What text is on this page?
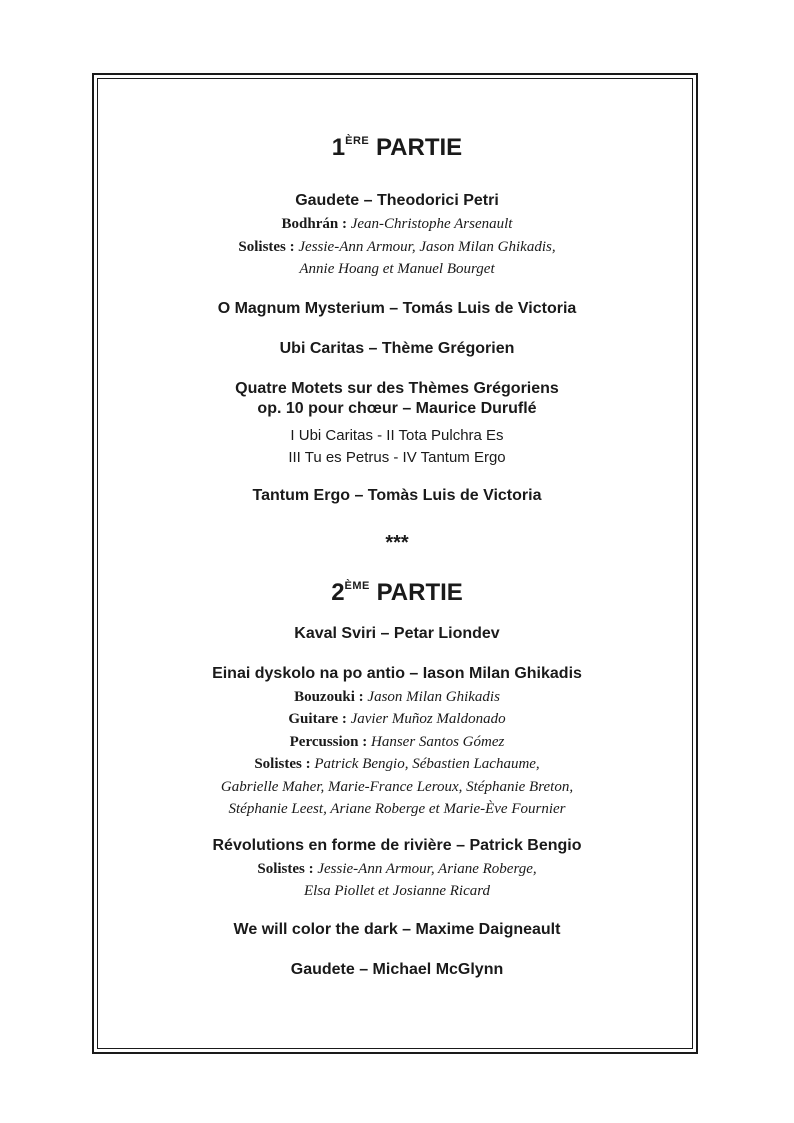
1ÈRE PARTIE

Gaudete – Theodorici Petri

Bodhrán : Jean-Christophe Arsenault

Solistes : Jessie-Ann Armour, Jason Milan Ghikadis,

Annie Hoang et Manuel Bourget

O Magnum Mysterium – Tomás Luis de Victoria

Ubi Caritas – Thème Grégorien

Quatre Motets sur des Thèmes Grégoriens

op. 10 pour chœur – Maurice Duruflé

I Ubi Caritas - II Tota Pulchra Es

III Tu es Petrus - IV Tantum Ergo

Tantum Ergo – Tomàs Luis de Victoria

***

2ÈME PARTIE

Kaval Sviri – Petar Liondev

Einai dyskolo na po antio – Iason Milan Ghikadis

Bouzouki : Jason Milan Ghikadis

Guitare : Javier Muñoz Maldonado

Percussion : Hanser Santos Gómez

Solistes : Patrick Bengio, Sébastien Lachaume,

Gabrielle Maher, Marie-France Leroux, Stéphanie Breton,

Stéphanie Leest, Ariane Roberge et Marie-Ève Fournier

Révolutions en forme de rivière – Patrick Bengio

Solistes : Jessie-Ann Armour, Ariane Roberge,

Elsa Piollet et Josianne Ricard

We will color the dark – Maxime Daigneault

Gaudete – Michael McGlynn
